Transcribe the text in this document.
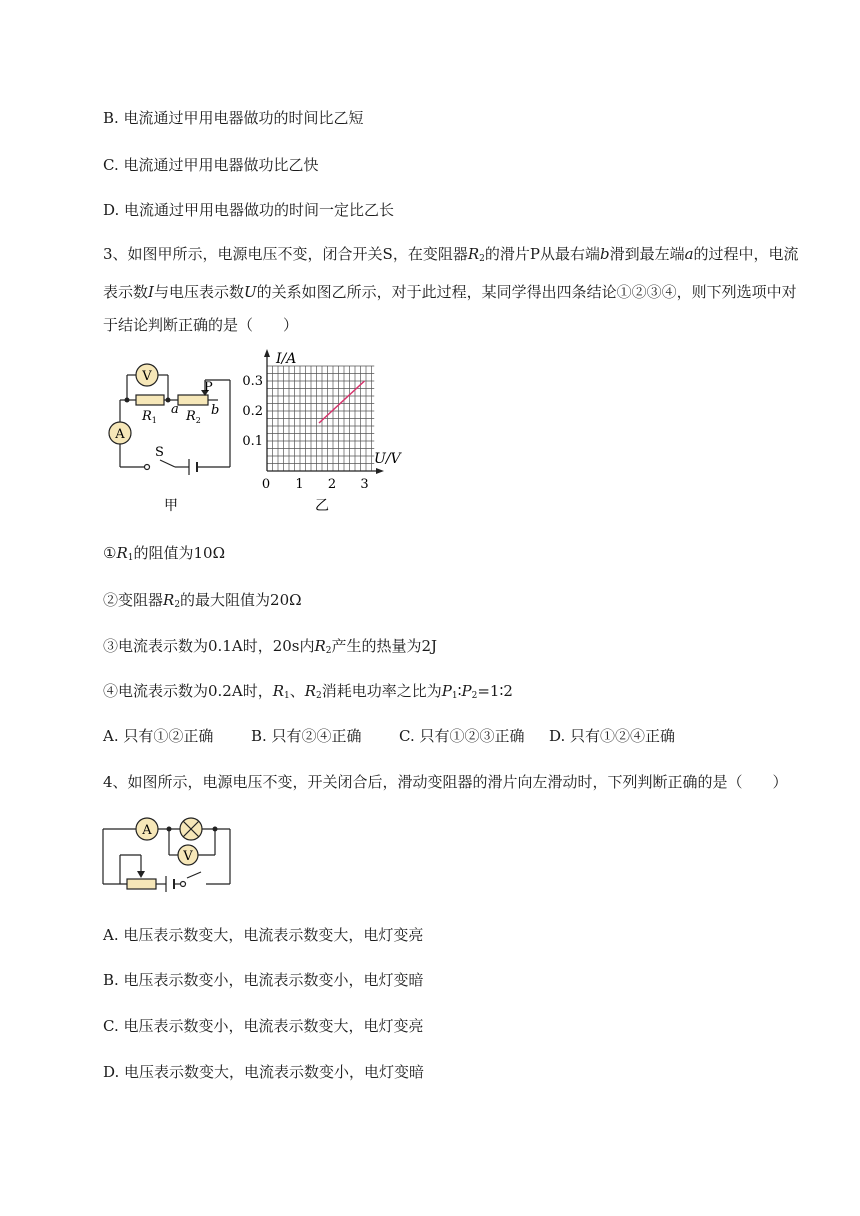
B. 电流通过甲用电器做功的时间比乙短
C. 电流通过甲用电器做功比乙快
D. 电流通过甲用电器做功的时间一定比乙长
3、如图甲所示，电源电压不变，闭合开关S，在变阻器$R_2$的滑片P从最右端b滑到最左端a的过程中，电流表示数I与电压表示数U的关系如图乙所示，对于此过程，某同学得出四条结论①②③④，则下列选项中对于结论判断正确的是（　　）
V
A
S
P
$R_1$ $R_2$
a b
甲
I/A
U/V
0 1 2 3
0.1
0.2
0.3
乙
$①R_1$的阻值为10Ω
②变阻器$R_2$的最大阻值为20Ω
③电流表示数为0.1A时，20s内$R_2$产生的热量为2J
④电流表示数为0.2A时，$R_1$、$R_2$消耗电功率之比为$P_1∶P_2=1∶2$
A. 只有①②正确	B. 只有②④正确 C. 只有①②③正确 D. 只有①②④正确
4、如图所示，电源电压不变，开关闭合后，滑动变阻器的滑片向左滑动时，下列判断正确的是（　　）
A
V
A. 电压表示数变大，电流表示数变大，电灯变亮
B. 电压表示数变小，电流表示数变小，电灯变暗
C. 电压表示数变小，电流表示数变大，电灯变亮
D. 电压表示数变大，电流表示数变小，电灯变暗
